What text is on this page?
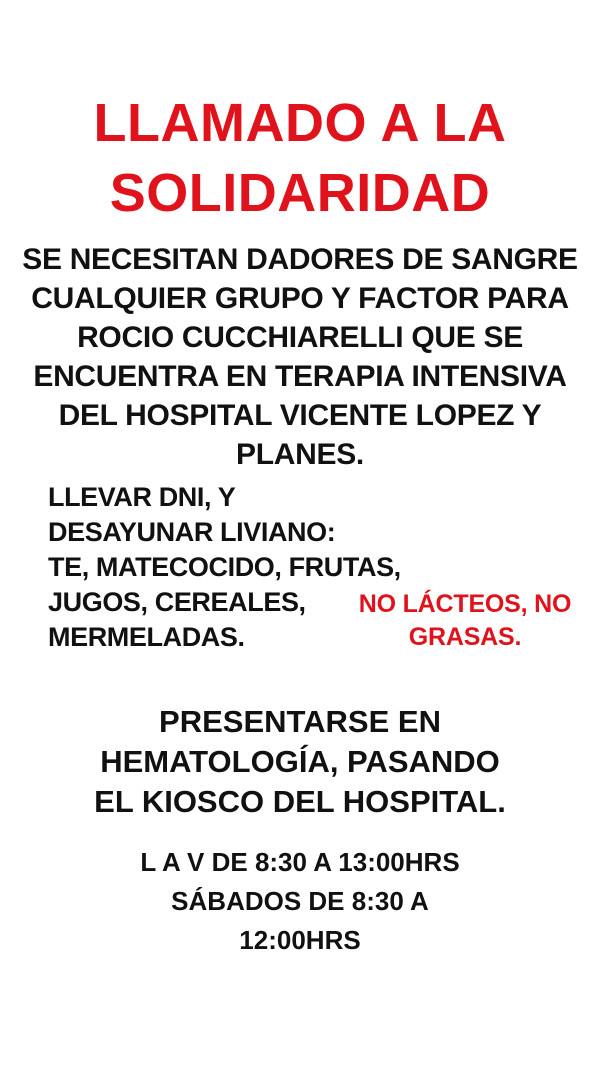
LLAMADO A LA
SOLIDARIDAD
SE NECESITAN DADORES DE SANGRE
CUALQUIER GRUPO Y FACTOR PARA
ROCIO CUCCHIARELLI QUE SE
ENCUENTRA EN TERAPIA INTENSIVA
DEL HOSPITAL VICENTE LOPEZ Y
PLANES.
LLEVAR DNI, Y
DESAYUNAR LIVIANO:
TE, MATECOCIDO, FRUTAS,
JUGOS, CEREALES,
MERMELADAS.
NO LÁCTEOS, NO
GRASAS.
PRESENTARSE EN
HEMATOLOGÍA, PASANDO
EL KIOSCO DEL HOSPITAL.
L A V DE 8:30 A 13:00HRS
SÁBADOS DE 8:30 A
12:00HRS
